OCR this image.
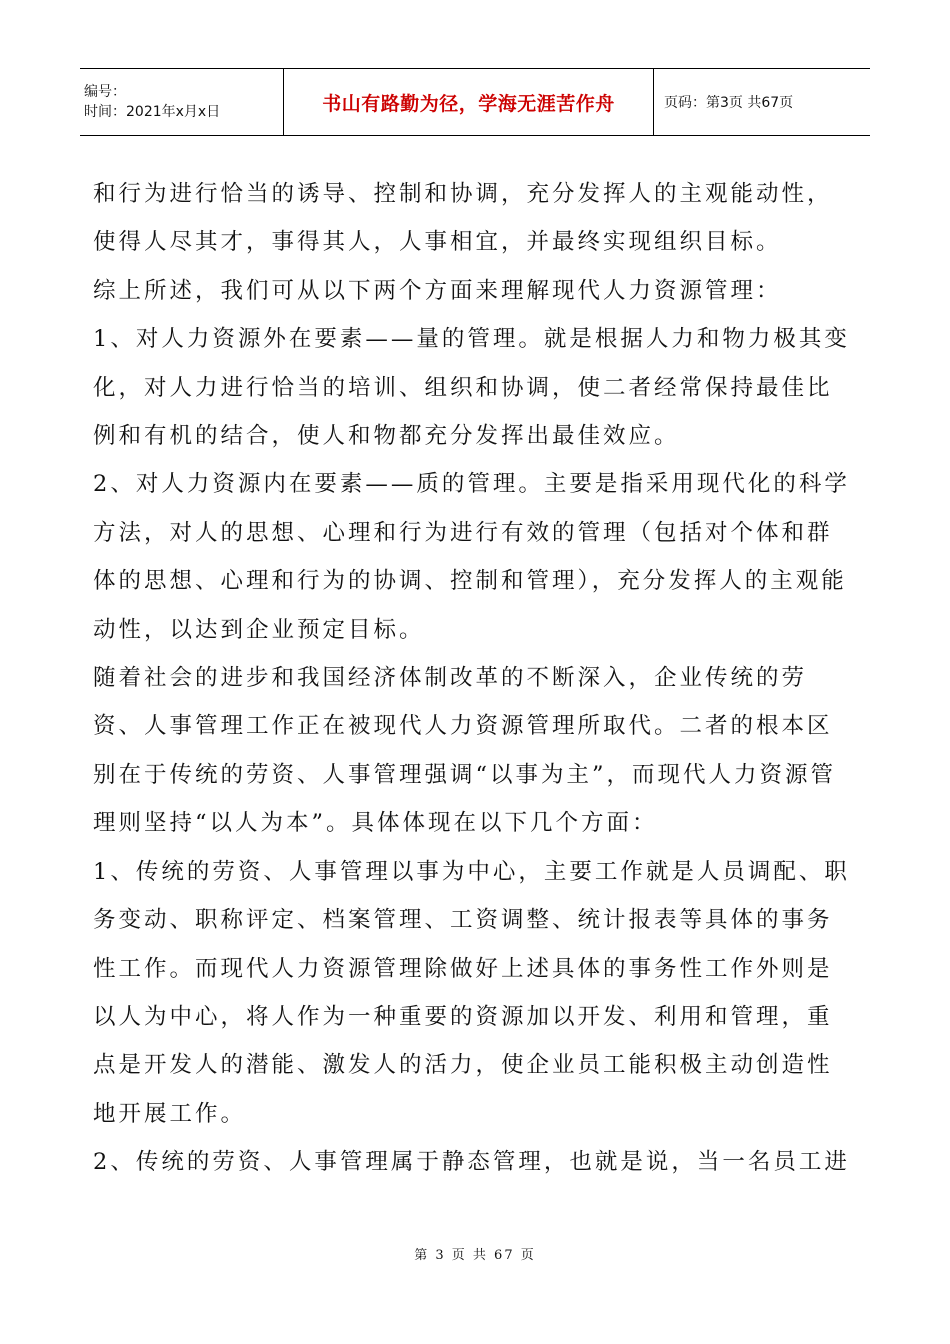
编号：
时间：2021年x月x日	书山有路勤为径，学海无涯苦作舟	页码：第3页 共67页

和行为进行恰当的诱导、控制和协调，充分发挥人的主观能动性，使得人尽其才，事得其人，人事相宜，并最终实现组织目标。

综上所述，我们可从以下两个方面来理解现代人力资源管理：

1、对人力资源外在要素——量的管理。就是根据人力和物力极其变化，对人力进行恰当的培训、组织和协调，使二者经常保持最佳比例和有机的结合，使人和物都充分发挥出最佳效应。

2、对人力资源内在要素——质的管理。主要是指采用现代化的科学方法，对人的思想、心理和行为进行有效的管理（包括对个体和群体的思想、心理和行为的协调、控制和管理），充分发挥人的主观能动性，以达到企业预定目标。

随着社会的进步和我国经济体制改革的不断深入，企业传统的劳资、人事管理工作正在被现代人力资源管理所取代。二者的根本区别在于传统的劳资、人事管理强调“以事为主”，而现代人力资源管理则坚持“以人为本”。具体体现在以下几个方面：

1、传统的劳资、人事管理以事为中心，主要工作就是人员调配、职务变动、职称评定、档案管理、工资调整、统计报表等具体的事务性工作。而现代人力资源管理除做好上述具体的事务性工作外则是以人为中心，将人作为一种重要的资源加以开发、利用和管理，重点是开发人的潜能、激发人的活力，使企业员工能积极主动创造性地开展工作。

2、传统的劳资、人事管理属于静态管理，也就是说，当一名员工进

第 3 页 共 67 页
